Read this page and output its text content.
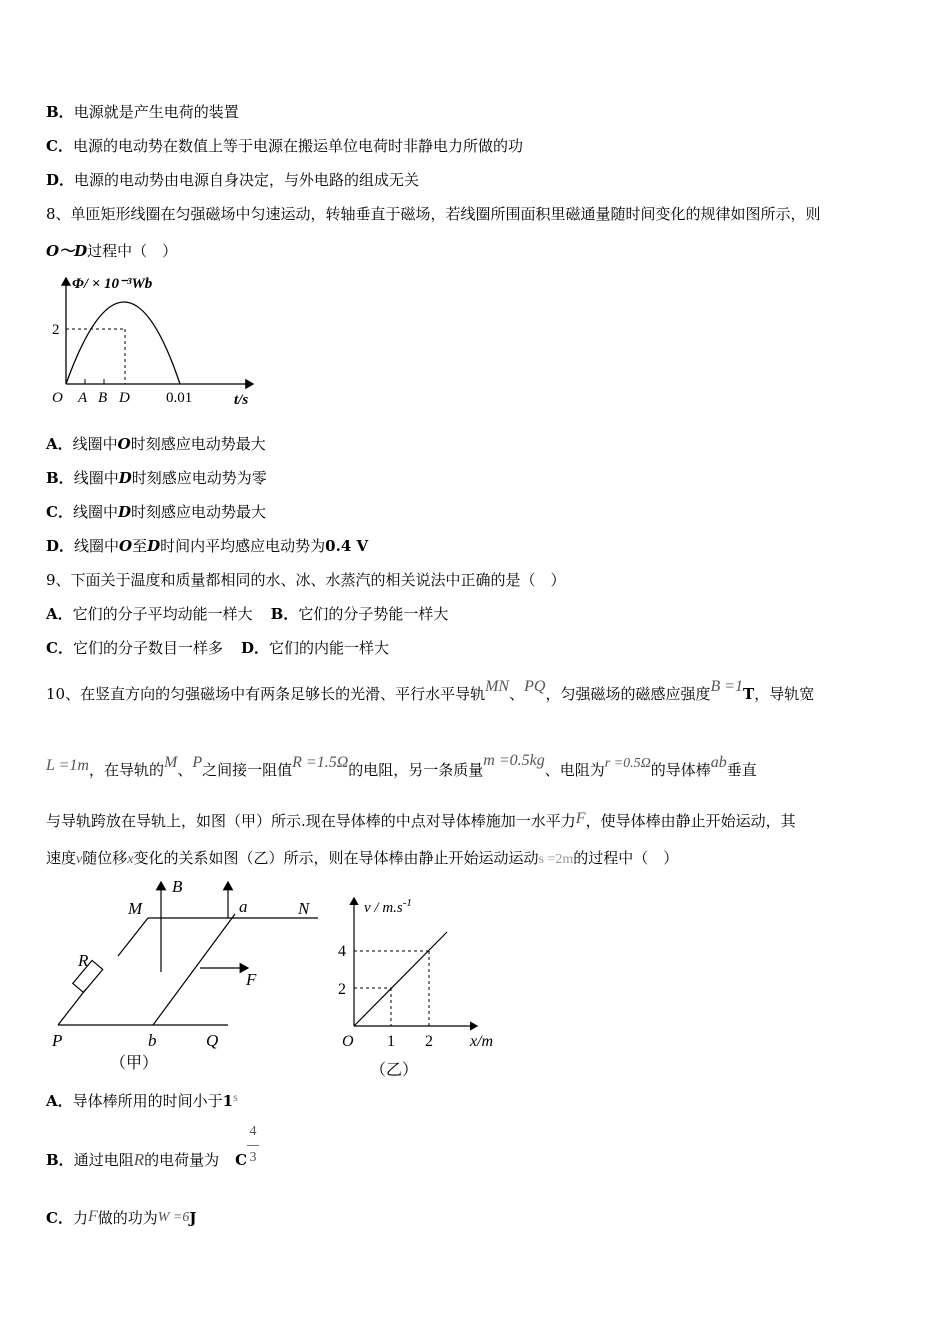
B．电源就是产生电荷的装置
C．电源的电动势在数值上等于电源在搬运单位电荷时非静电力所做的功
D．电源的电动势由电源自身决定，与外电路的组成无关
8、单匝矩形线圈在匀强磁场中匀速运动，转轴垂直于磁场，若线圈所围面积里磁通量随时间变化的规律如图所示，则
O～D过程中（　）
Φ/ × 10⁻³Wb
2
O A B D 0.01	t/s
A．线圈中O时刻感应电动势最大
B．线圈中D时刻感应电动势为零
C．线圈中D时刻感应电动势最大
D．线圈中O至D时间内平均感应电动势为0.4 V
9、下面关于温度和质量都相同的水、冰、水蒸汽的相关说法中正确的是（　）
A．它们的分子平均动能一样大 B．它们的分子势能一样大
C．它们的分子数目一样多 D．它们的内能一样大
10、在竖直方向的匀强磁场中有两条足够长的光滑、平行水平导轨MN、PQ，匀强磁场的磁感应强度B =1T，导轨宽
L =1m，在导轨的M、P之间接一阻值R =1.5Ω的电阻，另一条质量m =0.5kg、电阻为r =0.5Ω的导体棒ab垂直
与导轨跨放在导轨上，如图（甲）所示.现在导体棒的中点对导体棒施加一水平力F，使导体棒由静止开始运动，其
速度v随位移x变化的关系如图（乙）所示，则在导体棒由静止开始运动运动s =2m的过程中（　）
B
M	a	N
R
F
P	b	Q
（甲）
v / $m.s^{-1}$
4
2
O 1 2 x/m
（乙）
A．导体棒所用的时间小于1$^s$
B．通过电阻R的电荷量为 C
4
3
C．力F做的功为W =6J
